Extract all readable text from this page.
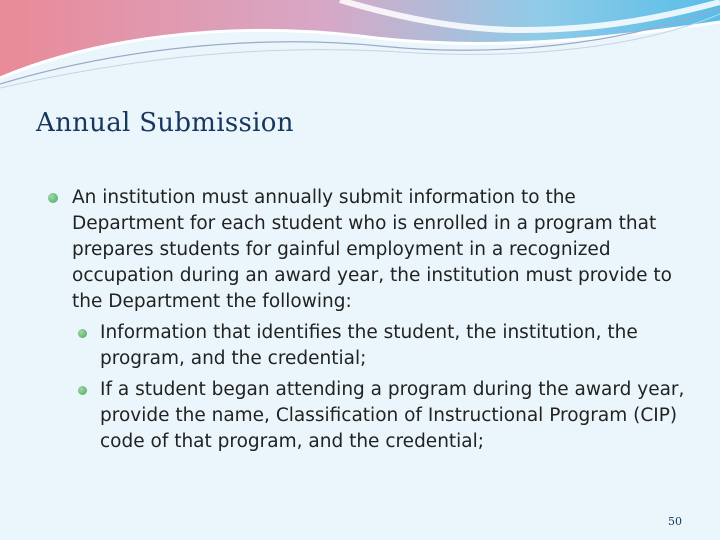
Annual Submission
An institution must annually submit information to the Department for each student who is enrolled in a program that prepares students for gainful employment in a recognized occupation during an award year, the institution must provide to the Department the following:
Information that identifies the student, the institution, the program, and the credential;
If a student began attending a program during the award year, provide the name, Classification of Instructional Program (CIP) code of that program, and the credential;
50
